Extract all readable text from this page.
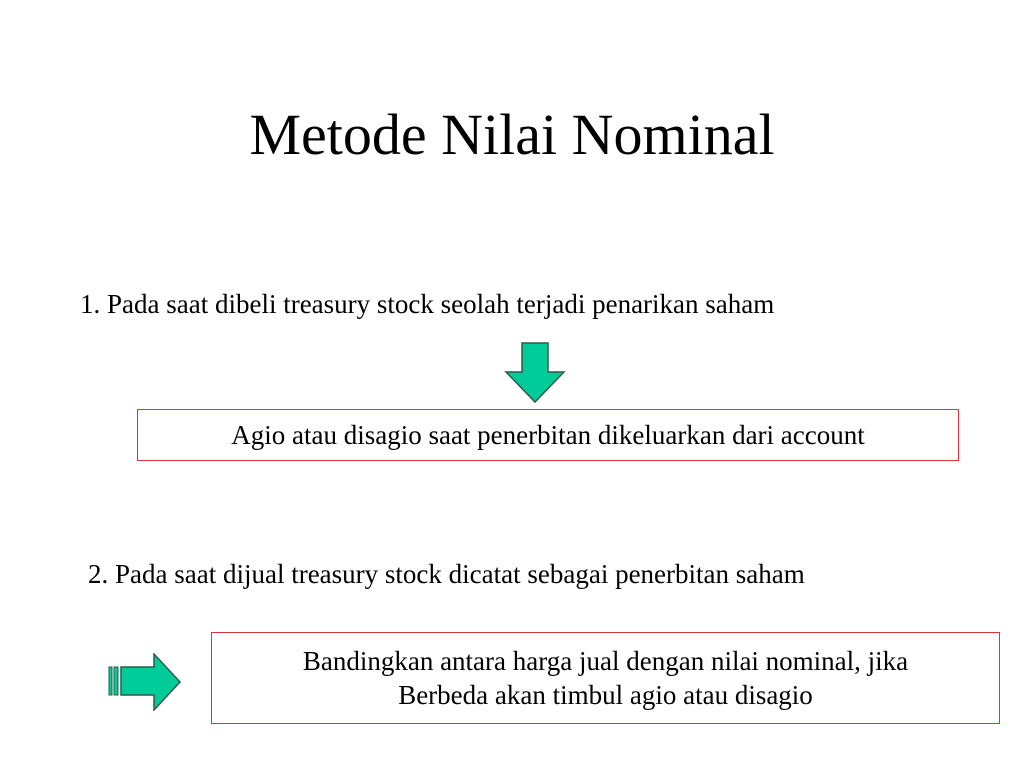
Metode Nilai Nominal
1. Pada saat dibeli treasury stock seolah terjadi penarikan saham
Agio atau disagio saat penerbitan dikeluarkan dari account
2. Pada saat dijual treasury stock dicatat sebagai penerbitan saham
Bandingkan antara harga jual dengan nilai nominal, jika
Berbeda akan timbul agio atau disagio
